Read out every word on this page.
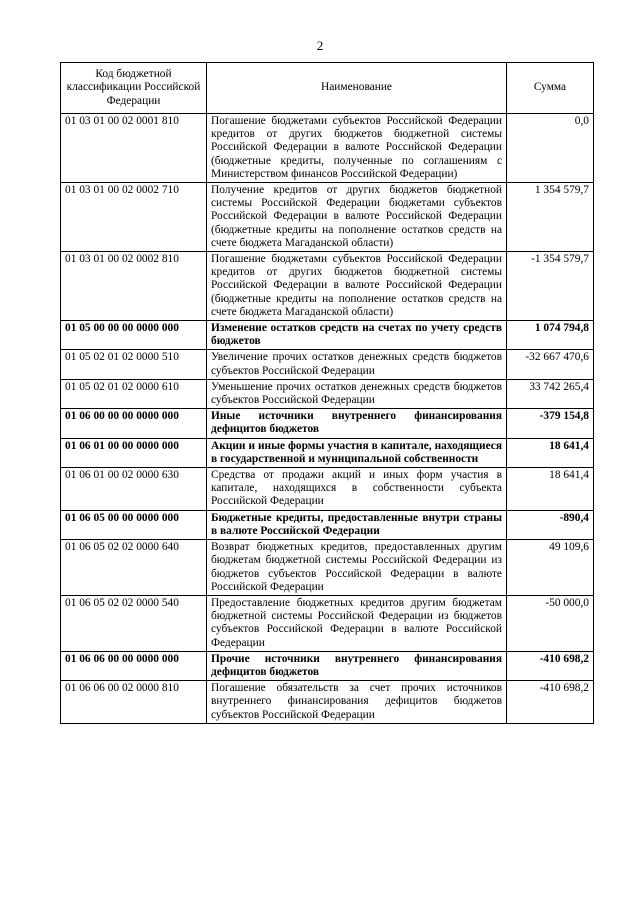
2
Код бюджетной классификации Российской Федерации	Наименование	Сумма
01 03 01 00 02 0001 810	Погашение бюджетами субъектов Российской Федерации кредитов от других бюджетов бюджетной системы Российской Федерации в валюте Российской Федерации (бюджетные кредиты, полученные по соглашениям с Министерством финансов Российской Федерации)	0,0
01 03 01 00 02 0002 710	Получение кредитов от других бюджетов бюджетной системы Российской Федерации бюджетами субъектов Российской Федерации в валюте Российской Федерации (бюджетные кредиты на пополнение остатков средств на счете бюджета Магаданской области)	1 354 579,7
01 03 01 00 02 0002 810	Погашение бюджетами субъектов Российской Федерации кредитов от других бюджетов бюджетной системы Российской Федерации в валюте Российской Федерации (бюджетные кредиты на пополнение остатков средств на счете бюджета Магаданской области)	-1 354 579,7
01 05 00 00 00 0000 000	Изменение остатков средств на счетах по учету средств бюджетов	1 074 794,8
01 05 02 01 02 0000 510	Увеличение прочих остатков денежных средств бюджетов субъектов Российской Федерации	-32 667 470,6
01 05 02 01 02 0000 610	Уменьшение прочих остатков денежных средств бюджетов субъектов Российской Федерации	33 742 265,4
01 06 00 00 00 0000 000	Иные источники внутреннего финансирования дефицитов бюджетов	-379 154,8
01 06 01 00 00 0000 000	Акции и иные формы участия в капитале, находящиеся в государственной и муниципальной собственности	18 641,4
01 06 01 00 02 0000 630	Средства от продажи акций и иных форм участия в капитале, находящихся в собственности субъекта Российской Федерации	18 641,4
01 06 05 00 00 0000 000	Бюджетные кредиты, предоставленные внутри страны в валюте Российской Федерации	-890,4
01 06 05 02 02 0000 640	Возврат бюджетных кредитов, предоставленных другим бюджетам бюджетной системы Российской Федерации из бюджетов субъектов Российской Федерации в валюте Российской Федерации	49 109,6
01 06 05 02 02 0000 540	Предоставление бюджетных кредитов другим бюджетам бюджетной системы Российской Федерации из бюджетов субъектов Российской Федерации в валюте Российской Федерации	-50 000,0
01 06 06 00 00 0000 000	Прочие источники внутреннего финансирования дефицитов бюджетов	-410 698,2
01 06 06 00 02 0000 810	Погашение обязательств за счет прочих источников внутреннего финансирования дефицитов бюджетов субъектов Российской Федерации	-410 698,2
